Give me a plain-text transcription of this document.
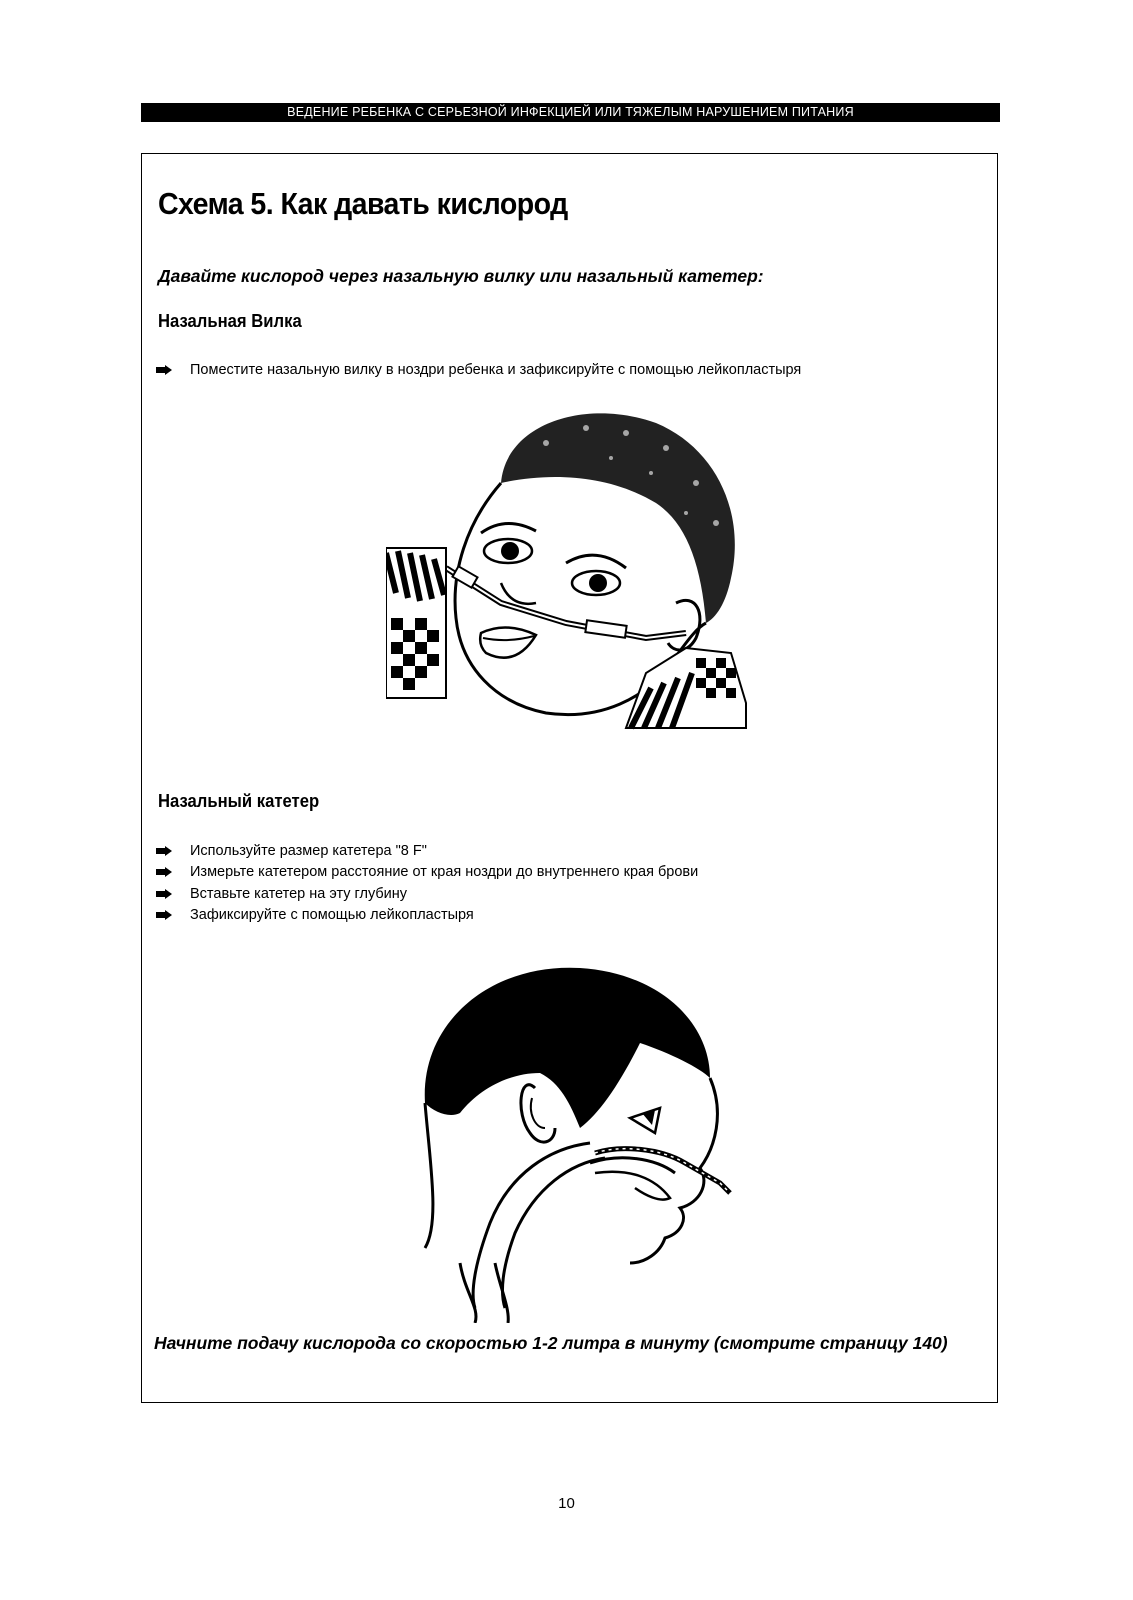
ВЕДЕНИЕ РЕБЕНКА С СЕРЬЕЗНОЙ ИНФЕКЦИЕЙ ИЛИ ТЯЖЕЛЫМ НАРУШЕНИЕМ ПИТАНИЯ
Схема 5. Как давать кислород

Давайте кислород через назальную вилку или назальный катетер:

Назальная Вилка
Поместите назальную вилку в ноздри ребенка и зафиксируйте с помощью лейкопластыря
Назальный катетер
Используйте размер катетера "8 F"
Измерьте катетером расстояние от края ноздри до внутреннего края брови
Вставьте катетер на эту глубину
Зафиксируйте с помощью лейкопластыря

Начните подачу кислорода со скоростью 1-2 литра в минуту (смотрите страницу 140)

10
